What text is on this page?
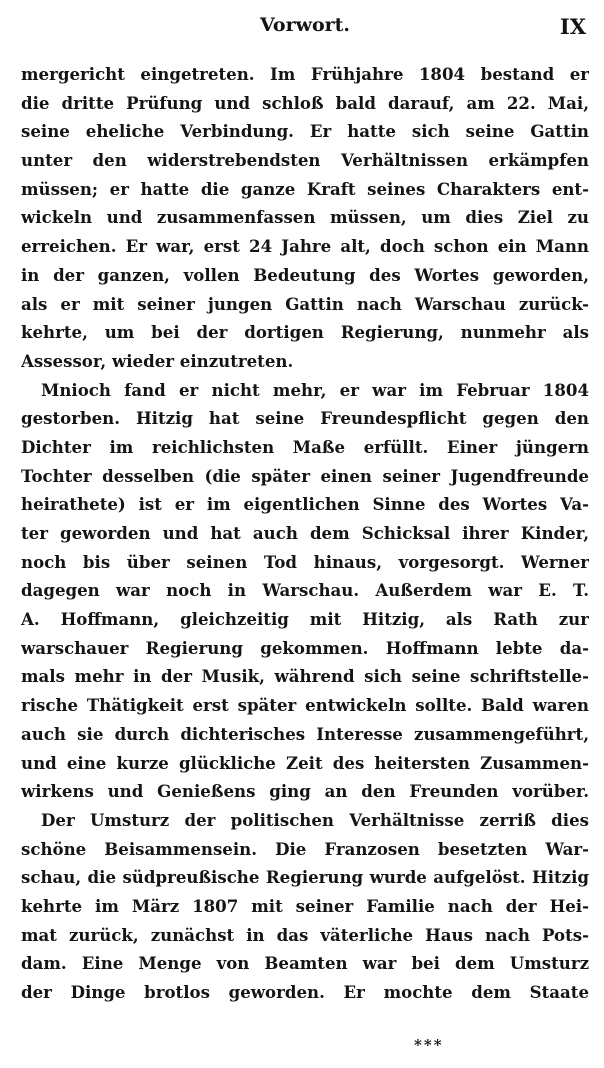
Vorwort.	IX
mergericht eingetreten. Im Frühjahre 1804 bestand er
die dritte Prüfung und schloß bald darauf, am 22. Mai,
seine eheliche Verbindung. Er hatte sich seine Gattin
unter den widerstrebendsten Verhältnissen erkämpfen
müssen; er hatte die ganze Kraft seines Charakters ent-
wickeln und zusammenfassen müssen, um dies Ziel zu
erreichen. Er war, erst 24 Jahre alt, doch schon ein Mann
in der ganzen, vollen Bedeutung des Wortes geworden,
als er mit seiner jungen Gattin nach Warschau zurück-
kehrte, um bei der dortigen Regierung, nunmehr als
Assessor, wieder einzutreten.
Mnioch fand er nicht mehr, er war im Februar 1804
gestorben. Hitzig hat seine Freundespflicht gegen den
Dichter im reichlichsten Maße erfüllt. Einer jüngern
Tochter desselben (die später einen seiner Jugendfreunde
heirathete) ist er im eigentlichen Sinne des Wortes Va-
ter geworden und hat auch dem Schicksal ihrer Kinder,
noch bis über seinen Tod hinaus, vorgesorgt. Werner
dagegen war noch in Warschau. Außerdem war E. T.
A. Hoffmann, gleichzeitig mit Hitzig, als Rath zur
warschauer Regierung gekommen. Hoffmann lebte da-
mals mehr in der Musik, während sich seine schriftstelle-
rische Thätigkeit erst später entwickeln sollte. Bald waren
auch sie durch dichterisches Interesse zusammengeführt,
und eine kurze glückliche Zeit des heitersten Zusammen-
wirkens und Genießens ging an den Freunden vorüber.
Der Umsturz der politischen Verhältnisse zerriß dies
schöne Beisammensein. Die Franzosen besetzten War-
schau, die südpreußische Regierung wurde aufgelöst. Hitzig
kehrte im März 1807 mit seiner Familie nach der Hei-
mat zurück, zunächst in das väterliche Haus nach Pots-
dam. Eine Menge von Beamten war bei dem Umsturz
der Dinge brotlos geworden. Er mochte dem Staate
***
